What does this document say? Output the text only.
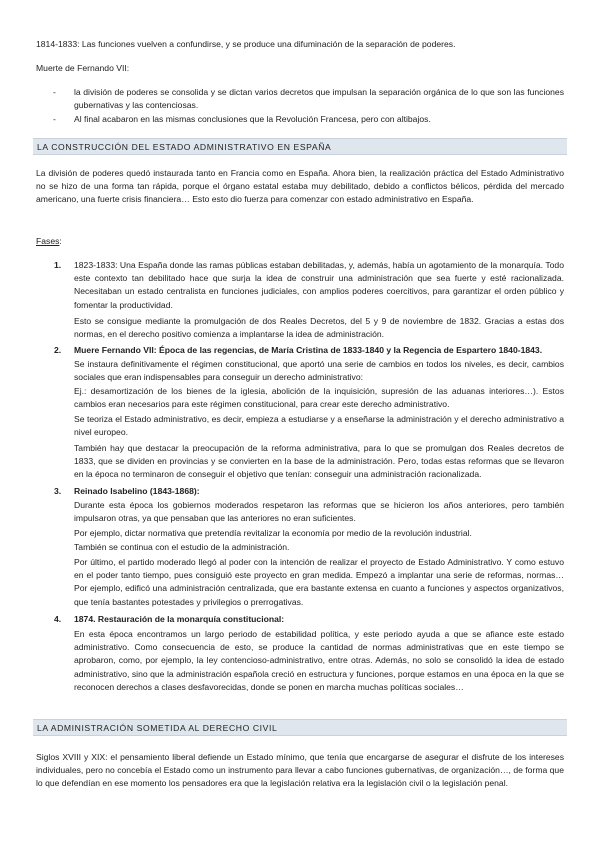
1814-1833: Las funciones vuelven a confundirse, y se produce una difuminación de la separación de poderes.

Muerte de Fernando VII:

- la división de poderes se consolida y se dictan varios decretos que impulsan la separación orgánica de lo que son las funciones gubernativas y las contenciosas.

- Al final acabaron en las mismas conclusiones que la Revolución Francesa, pero con altibajos.

LA CONSTRUCCIÓN DEL ESTADO ADMINISTRATIVO EN ESPAÑA

La división de poderes quedó instaurada tanto en Francia como en España. Ahora bien, la realización práctica del Estado Administrativo no se hizo de una forma tan rápida, porque el órgano estatal estaba muy debilitado, debido a conflictos bélicos, pérdida del mercado americano, una fuerte crisis financiera… Esto esto dio fuerza para comenzar con estado administrativo en España.

Fases:

1. 1823-1833: Una España donde las ramas públicas estaban debilitadas, y, además, había un agotamiento de la monarquía. Todo este contexto tan debilitado hace que surja la idea de construir una administración que sea fuerte y esté racionalizada. Necesitaban un estado centralista en funciones judiciales, con amplios poderes coercitivos, para garantizar el orden público y fomentar la productividad.

Esto se consigue mediante la promulgación de dos Reales Decretos, del 5 y 9 de noviembre de 1832. Gracias a estas dos normas, en el derecho positivo comienza a implantarse la idea de administración.

2. Muere Fernando VII: Época de las regencias, de María Cristina de 1833-1840 y la Regencia de Espartero 1840-1843.

Se instaura definitivamente el régimen constitucional, que aportó una serie de cambios en todos los niveles, es decir, cambios sociales que eran indispensables para conseguir un derecho administrativo:

Ej.: desamortización de los bienes de la iglesia, abolición de la inquisición, supresión de las aduanas interiores…). Estos cambios eran necesarios para este régimen constitucional, para crear este derecho administrativo.

Se teoriza el Estado administrativo, es decir, empieza a estudiarse y a enseñarse la administración y el derecho administrativo a nivel europeo.

También hay que destacar la preocupación de la reforma administrativa, para lo que se promulgan dos Reales decretos de 1833, que se dividen en provincias y se convierten en la base de la administración. Pero, todas estas reformas que se llevaron en la época no terminaron de conseguir el objetivo que tenían: conseguir una administración racionalizada.

3. Reinado Isabelino (1843-1868):

Durante esta época los gobiernos moderados respetaron las reformas que se hicieron los años anteriores, pero también impulsaron otras, ya que pensaban que las anteriores no eran suficientes.

Por ejemplo, dictar normativa que pretendía revitalizar la economía por medio de la revolución industrial.

También se continua con el estudio de la administración.

Por último, el partido moderado llegó al poder con la intención de realizar el proyecto de Estado Administrativo. Y como estuvo en el poder tanto tiempo, pues consiguió este proyecto en gran medida. Empezó a implantar una serie de reformas, normas… Por ejemplo, edificó una administración centralizada, que era bastante extensa en cuanto a funciones y aspectos organizativos, que tenía bastantes potestades y privilegios o prerrogativas.

4. 1874. Restauración de la monarquía constitucional:

En esta época encontramos un largo periodo de estabilidad política, y este periodo ayuda a que se afiance este estado administrativo. Como consecuencia de esto, se produce la cantidad de normas administrativas que en este tiempo se aprobaron, como, por ejemplo, la ley contencioso-administrativo, entre otras. Además, no solo se consolidó la idea de estado administrativo, sino que la administración española creció en estructura y funciones, porque estamos en una época en la que se reconocen derechos a clases desfavorecidas, donde se ponen en marcha muchas políticas sociales…

LA ADMINISTRACIÓN SOMETIDA AL DERECHO CIVIL

Siglos XVIII y XIX: el pensamiento liberal defiende un Estado mínimo, que tenía que encargarse de asegurar el disfrute de los intereses individuales, pero no concebía el Estado como un instrumento para llevar a cabo funciones gubernativas, de organización…, de forma que lo que defendían en ese momento los pensadores era que la legislación relativa era la legislación civil o la legislación penal.
